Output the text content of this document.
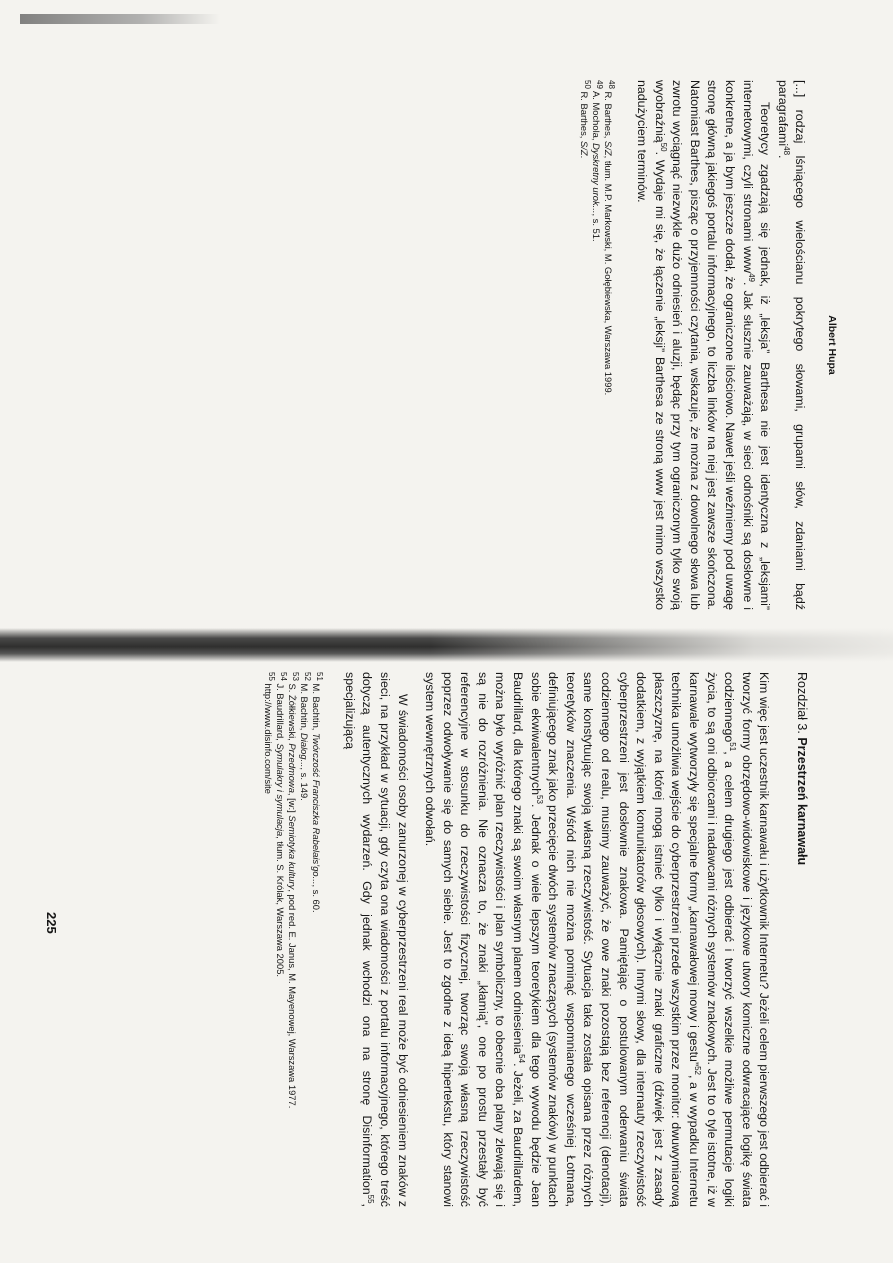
Albert Hupa

[...] rodzaj lśniącego wielościanu pokrytego słowami, grupami słów, zdaniami bądź paragrafami$^{48}$.

Teoretycy zgadzają się jednak, iż „leksja” Barthesa nie jest identyczna z „leksjami” internetowymi, czyli stronami www$^{49}$. Jak słusznie zauważają, w sieci odnośniki są dosłowne i konkretne, a ja bym jeszcze dodał, że ograniczone ilościowo. Nawet jeśli weźmiemy pod uwagę stronę główną jakiegoś portalu informacyjnego, to liczba linków na niej jest zawsze skończona. Natomiast Barthes, pisząc o przyjemności czytania, wskazuje, że można z dowolnego słowa lub zwrotu wyciągnąć niezwykle dużo odniesień i aluzji, będąc przy tym ograniczonym tylko swoją wyobraźnią$^{50}$. Wydaje mi się, że łączenie „leksji” Barthesa ze stroną www jest mimo wszystko nadużyciem terminów.

$^{48}$ R. Barthes, S/Z, tłum. M.P. Markowski, M. Gołębiewska, Warszawa 1999.

$^{49}$ A. Mochola, Dyskretny urok..., s. 51.

$^{50}$ R. Barthes, S/Z.

Rozdział 3. Przestrzeń karnawału

Kim więc jest uczestnik karnawału i użytkownik Internetu? Jeżeli celem pierwszego jest odbierać i tworzyć formy obrzędowo-widowiskowe i językowe utwory komiczne odwracające logikę świata codziennego$^{51}$, a celem drugiego jest odbierać i tworzyć wszelkie możliwe permutacje logiki życia, to są oni odbiorcami i nadawcami różnych systemów znakowych. Jest to o tyle istotne, iż w karnawale wytworzyły się specjalne formy „karnawałowej mowy i gestu”$^{52}$, a w wypadku Internetu technika umożliwia wejście do cyberprzestrzeni przede wszystkim przez monitor: dwuwymiarową płaszczyznę, na której mogą istnieć tylko i wyłącznie znaki graficzne (dźwięk jest z zasady dodatkiem, z wyjątkiem komunikatorów głosowych). Innymi słowy, dla internauty rzeczywistość cyberprzestrzeni jest dosłownie znakowa. Pamiętając o postulowanym oderwaniu świata codziennego od realu, musimy zauważyć, że owe znaki pozostają bez referencji (denotacji), same konstytuując swoją własną rzeczywistość. Sytuacja taka została opisana przez różnych teoretyków znaczenia. Wśród nich nie można pominąć wspomnianego wcześniej Łotmana, definiującego znak jako przecięcie dwóch systemów znaczących (systemów znaków) w punktach sobie ekwiwalentnych$^{53}$. Jednak o wiele lepszym teoretykiem dla tego wywodu będzie Jean Baudrillard, dla którego znaki są swoim własnym planem odniesienia$^{54}$. Jeżeli, za Baudrillardem, można było wyróżnić plan rzeczywistości i plan symboliczny, to obecnie oba plany zlewają się i są nie do rozróżnienia. Nie oznacza to, że znaki „kłamią”, one po prostu przestały być referencyjne w stosunku do rzeczywistości fizycznej, tworząc swoją własną rzeczywistość poprzez odwoływanie się do samych siebie. Jest to zgodne z ideą hipertekstu, który stanowi system wewnętrznych odwołań.

W świadomości osoby zanurzonej w cyberprzestrzeni real może być odniesieniem znaków z sieci, na przykład w sytuacji, gdy czyta ona wiadomości z portalu informacyjnego, którego treść dotyczą autentycznych wydarzeń. Gdy jednak wchodzi ona na stronę Disinformation$^{55}$, specjalizującą

$^{51}$ M. Bachtin, Twórczość Franciszka Rabelais’go..., s. 60.

$^{52}$ M. Bachtin, Dialog..., s. 149.

$^{53}$ S. Żółkiewski, Przedmowa, [w:] Semiotyka kultury, pod red. E. Janus, M. Mayenowej, Warszawa 1977.

$^{54}$ J. Baudrillard, Symulakry i symulacja, tłum. S. Królak, Warszawa 2005.

$^{55}$ http://www.disinfo.com/site

225
